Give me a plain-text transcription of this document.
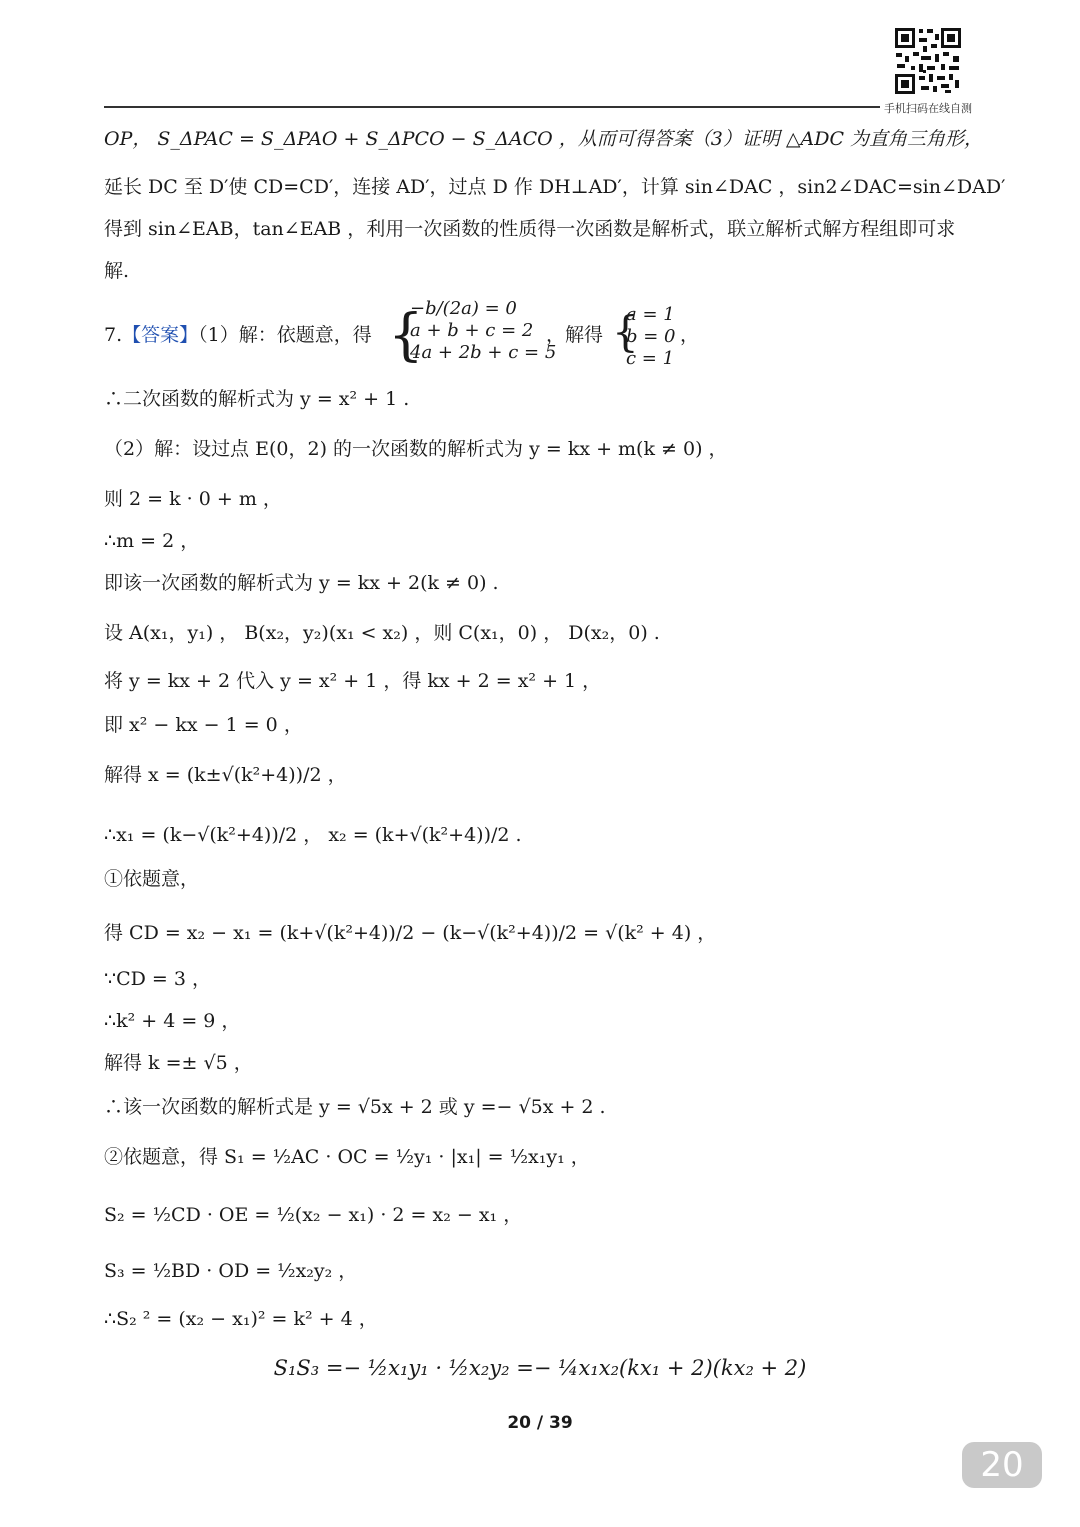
手机扫码在线自测
OP， S_ΔPAC = S_ΔPAO + S_ΔPCO − S_ΔACO ，从而可得答案（3）证明 △ADC 为直角三角形，
延长 DC 至 D′使 CD=CD′，连接 AD′，过点 D 作 DH⊥AD′，计算 sin∠DAC ，sin2∠DAC=sin∠DAD′
得到 sin∠EAB，tan∠EAB ，利用一次函数的性质得一次函数是解析式，联立解析式解方程组即可求
解.
7.【答案】（1）解：依题意，得 {
−b/(2a) = 0
a + b + c = 2
4a + 2b + c = 5
，解得 {
a = 1
b = 0
c = 1
，
∴二次函数的解析式为 y = x² + 1 .
（2）解：设过点 E(0，2) 的一次函数的解析式为 y = kx + m(k ≠ 0) ，
则 2 = k · 0 + m ，
∴m = 2 ，
即该一次函数的解析式为 y = kx + 2(k ≠ 0) .
设 A(x₁，y₁) ， B(x₂，y₂)(x₁ < x₂) ，则 C(x₁，0) ， D(x₂，0) .
将 y = kx + 2 代入 y = x² + 1 ，得 kx + 2 = x² + 1 ，
即 x² − kx − 1 = 0 ，
解得 x = (k±√(k²+4))/2 ，
∴x₁ = (k−√(k²+4))/2 ， x₂ = (k+√(k²+4))/2 .
①依题意，
得 CD = x₂ − x₁ = (k+√(k²+4))/2 − (k−√(k²+4))/2 = √(k² + 4) ，
∵CD = 3 ，
∴k² + 4 = 9 ，
解得 k =± √5 ，
∴该一次函数的解析式是 y = √5x + 2 或 y =− √5x + 2 .
②依题意，得 S₁ = ½AC · OC = ½y₁ · |x₁| = ½x₁y₁ ，
S₂ = ½CD · OE = ½(x₂ − x₁) · 2 = x₂ − x₁ ，
S₃ = ½BD · OD = ½x₂y₂ ，
∴S₂ ² = (x₂ − x₁)² = k² + 4 ，
S₁S₃ =− ½x₁y₁ · ½x₂y₂ =− ¼x₁x₂(kx₁ + 2)(kx₂ + 2)
20 / 39
20
